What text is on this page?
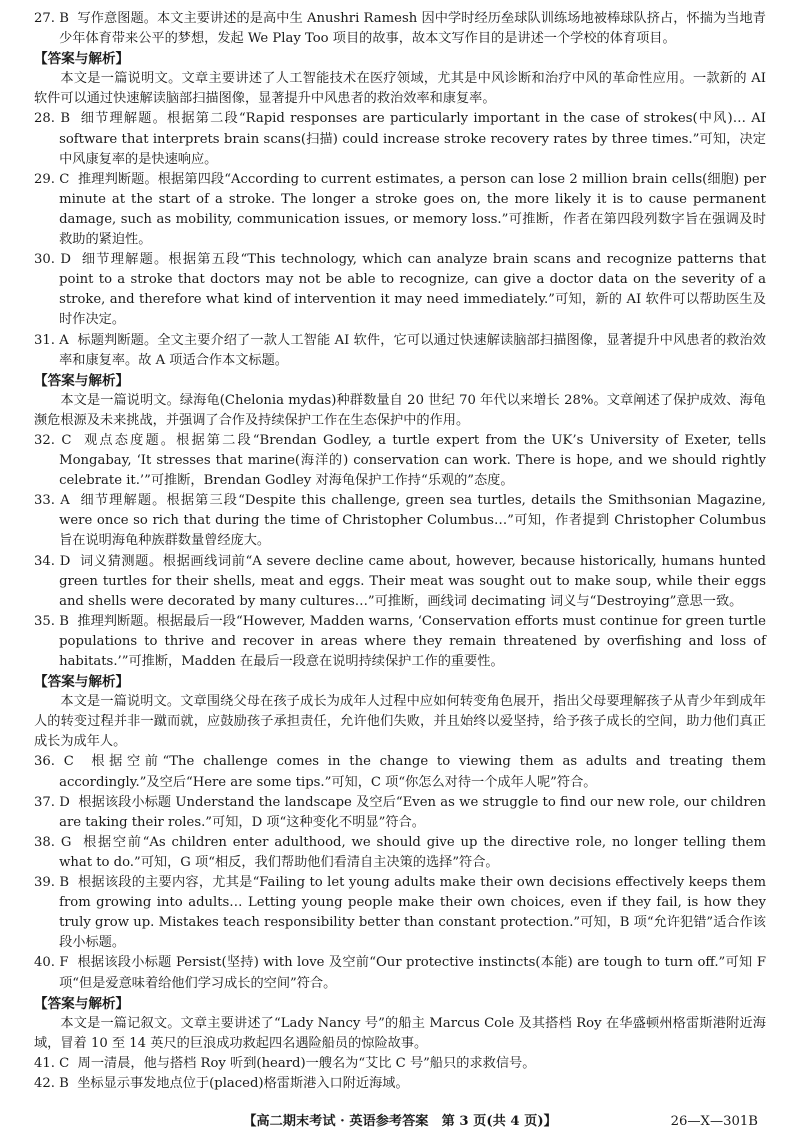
27. B 写作意图题。本文主要讲述的是高中生 Anushri Ramesh 因中学时经历垒球队训练场地被棒球队挤占，怀揣为当地青少年体育带来公平的梦想，发起 We Play Too 项目的故事，故本文写作目的是讲述一个学校的体育项目。

【答案与解析】

本文是一篇说明文。文章主要讲述了人工智能技术在医疗领域，尤其是中风诊断和治疗中风的革命性应用。一款新的 AI 软件可以通过快速解读脑部扫描图像，显著提升中风患者的救治效率和康复率。

28. B 细节理解题。根据第二段“Rapid responses are particularly important in the case of strokes(中风)… AI software that interprets brain scans(扫描) could increase stroke recovery rates by three times.”可知，决定中风康复率的是快速响应。

29. C 推理判断题。根据第四段“According to current estimates, a person can lose 2 million brain cells(细胞) per minute at the start of a stroke. The longer a stroke goes on, the more likely it is to cause permanent damage, such as mobility, communication issues, or memory loss.”可推断，作者在第四段列数字旨在强调及时救助的紧迫性。

30. D 细节理解题。根据第五段“This technology, which can analyze brain scans and recognize patterns that point to a stroke that doctors may not be able to recognize, can give a doctor data on the severity of a stroke, and therefore what kind of intervention it may need immediately.”可知，新的 AI 软件可以帮助医生及时作决定。

31. A 标题判断题。全文主要介绍了一款人工智能 AI 软件，它可以通过快速解读脑部扫描图像，显著提升中风患者的救治效率和康复率。故 A 项适合作本文标题。

【答案与解析】

本文是一篇说明文。绿海龟(Chelonia mydas)种群数量自 20 世纪 70 年代以来增长 28%。文章阐述了保护成效、海龟濒危根源及未来挑战，并强调了合作及持续保护工作在生态保护中的作用。

32. C 观点态度题。根据第二段“Brendan Godley, a turtle expert from the UK’s University of Exeter, tells Mongabay, ‘It stresses that marine(海洋的) conservation can work. There is hope, and we should rightly celebrate it.’”可推断，Brendan Godley 对海龟保护工作持“乐观的”态度。

33. A 细节理解题。根据第三段“Despite this challenge, green sea turtles, details the Smithsonian Magazine, were once so rich that during the time of Christopher Columbus…”可知，作者提到 Christopher Columbus 旨在说明海龟种族群数量曾经庞大。

34. D 词义猜测题。根据画线词前“A severe decline came about, however, because historically, humans hunted green turtles for their shells, meat and eggs. Their meat was sought out to make soup, while their eggs and shells were decorated by many cultures…”可推断，画线词 decimating 词义与“Destroying”意思一致。

35. B 推理判断题。根据最后一段“However, Madden warns, ‘Conservation efforts must continue for green turtle populations to thrive and recover in areas where they remain threatened by overfishing and loss of habitats.’”可推断，Madden 在最后一段意在说明持续保护工作的重要性。

【答案与解析】

本文是一篇说明文。文章围绕父母在孩子成长为成年人过程中应如何转变角色展开，指出父母要理解孩子从青少年到成年人的转变过程并非一蹴而就，应鼓励孩子承担责任，允许他们失败，并且始终以爱坚持，给予孩子成长的空间，助力他们真正成长为成年人。

36. C 根据空前“The challenge comes in the change to viewing them as adults and treating them accordingly.”及空后“Here are some tips.”可知，C 项“你怎么对待一个成年人呢”符合。

37. D 根据该段小标题 Understand the landscape 及空后“Even as we struggle to find our new role, our children are taking their roles.”可知，D 项“这种变化不明显”符合。

38. G 根据空前“As children enter adulthood, we should give up the directive role, no longer telling them what to do.”可知，G 项“相反，我们帮助他们看清自主决策的选择”符合。

39. B 根据该段的主要内容，尤其是“Failing to let young adults make their own decisions effectively keeps them from growing into adults… Letting young people make their own choices, even if they fail, is how they truly grow up. Mistakes teach responsibility better than constant protection.”可知，B 项“允许犯错”适合作该段小标题。

40. F 根据该段小标题 Persist(坚持) with love 及空前“Our protective instincts(本能) are tough to turn off.”可知 F 项“但是爱意味着给他们学习成长的空间”符合。

【答案与解析】

本文是一篇记叙文。文章主要讲述了“Lady Nancy 号”的船主 Marcus Cole 及其搭档 Roy 在华盛顿州格雷斯港附近海域，冒着 10 至 14 英尺的巨浪成功救起四名遇险船员的惊险故事。

41. C 周一清晨，他与搭档 Roy 听到(heard)一艘名为“艾比 C 号”船只的求救信号。

42. B 坐标显示事发地点位于(placed)格雷斯港入口附近海域。

【高二期末考试 · 英语参考答案　第 3 页(共 4 页)】	26—X—301B
